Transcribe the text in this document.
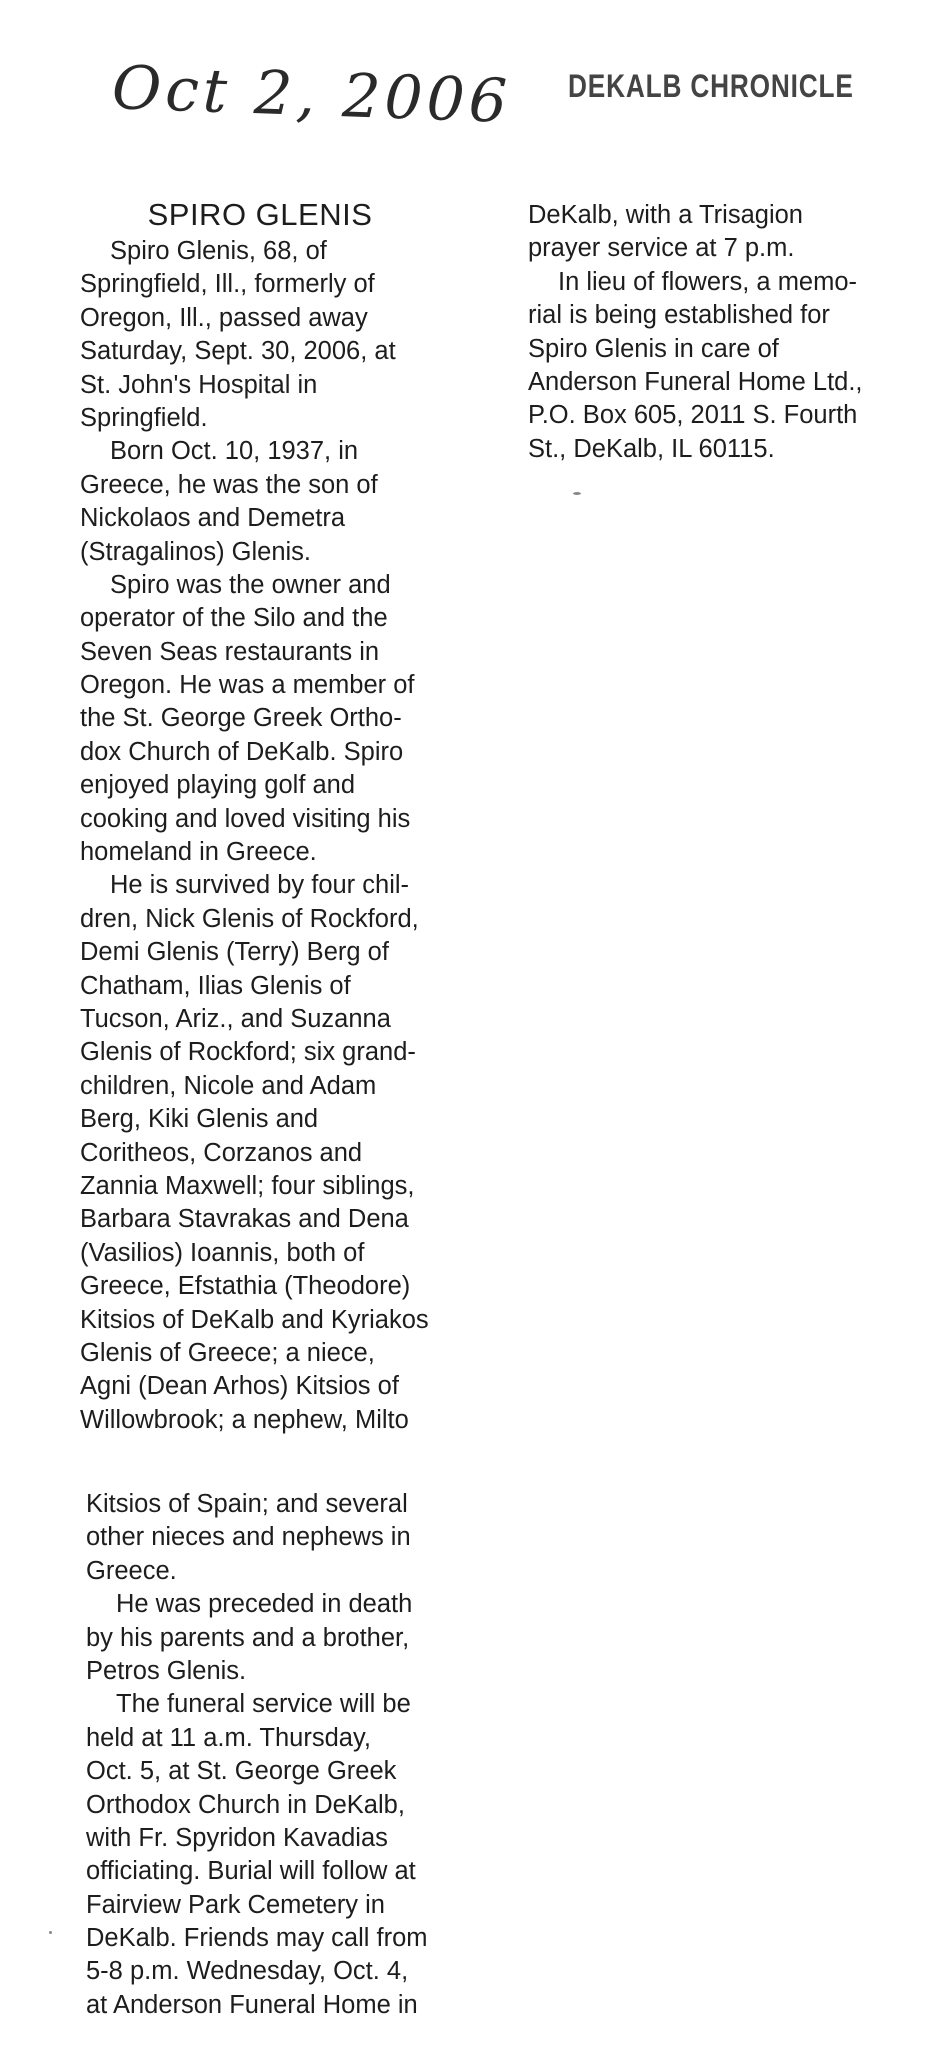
Oct 2, 2006 DEKALB CHRONICLE
SPIRO GLENIS
Spiro Glenis, 68, of
Springfield, Ill., formerly of
Oregon, Ill., passed away
Saturday, Sept. 30, 2006, at
St. John's Hospital in
Springfield.
Born Oct. 10, 1937, in
Greece, he was the son of
Nickolaos and Demetra
(Stragalinos) Glenis.
Spiro was the owner and
operator of the Silo and the
Seven Seas restaurants in
Oregon. He was a member of
the St. George Greek Ortho-
dox Church of DeKalb. Spiro
enjoyed playing golf and
cooking and loved visiting his
homeland in Greece.
He is survived by four chil-
dren, Nick Glenis of Rockford,
Demi Glenis (Terry) Berg of
Chatham, Ilias Glenis of
Tucson, Ariz., and Suzanna
Glenis of Rockford; six grand-
children, Nicole and Adam
Berg, Kiki Glenis and
Coritheos, Corzanos and
Zannia Maxwell; four siblings,
Barbara Stavrakas and Dena
(Vasilios) Ioannis, both of
Greece, Efstathia (Theodore)
Kitsios of DeKalb and Kyriakos
Glenis of Greece; a niece,
Agni (Dean Arhos) Kitsios of
Willowbrook; a nephew, Milto
Kitsios of Spain; and several
other nieces and nephews in
Greece.
He was preceded in death
by his parents and a brother,
Petros Glenis.
The funeral service will be
held at 11 a.m. Thursday,
Oct. 5, at St. George Greek
Orthodox Church in DeKalb,
with Fr. Spyridon Kavadias
officiating. Burial will follow at
Fairview Park Cemetery in
DeKalb. Friends may call from
5-8 p.m. Wednesday, Oct. 4,
at Anderson Funeral Home in
DeKalb, with a Trisagion
prayer service at 7 p.m.
In lieu of flowers, a memo-
rial is being established for
Spiro Glenis in care of
Anderson Funeral Home Ltd.,
P.O. Box 605, 2011 S. Fourth
St., DeKalb, IL 60115.
